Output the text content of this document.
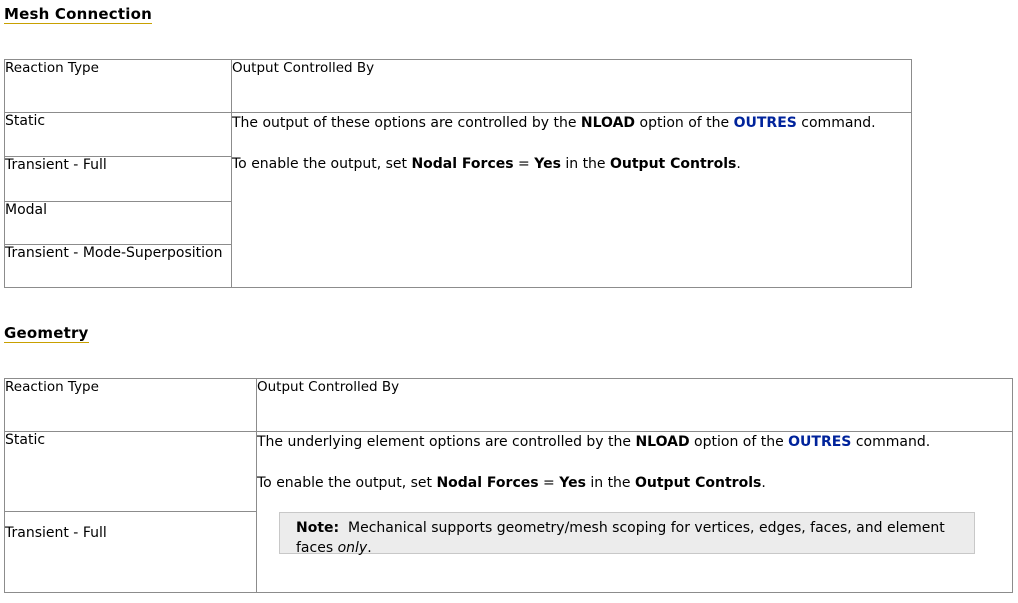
Mesh Connection
Reaction Type	Output Controlled By
Static	The output of these options are controlled by the NLOAD option of the OUTRES command.

To enable the output, set Nodal Forces = Yes in the Output Controls.

Transient - Full	
Modal	
Transient - Mode-Superposition	
Geometry
Reaction Type	Output Controlled By
Static	The underlying element options are controlled by the NLOAD option of the OUTRES command.

To enable the output, set Nodal Forces = Yes in the Output Controls.

Note: Mechanical supports geometry/mesh scoping for vertices, edges, faces, and element faces only.

Transient - Full	
